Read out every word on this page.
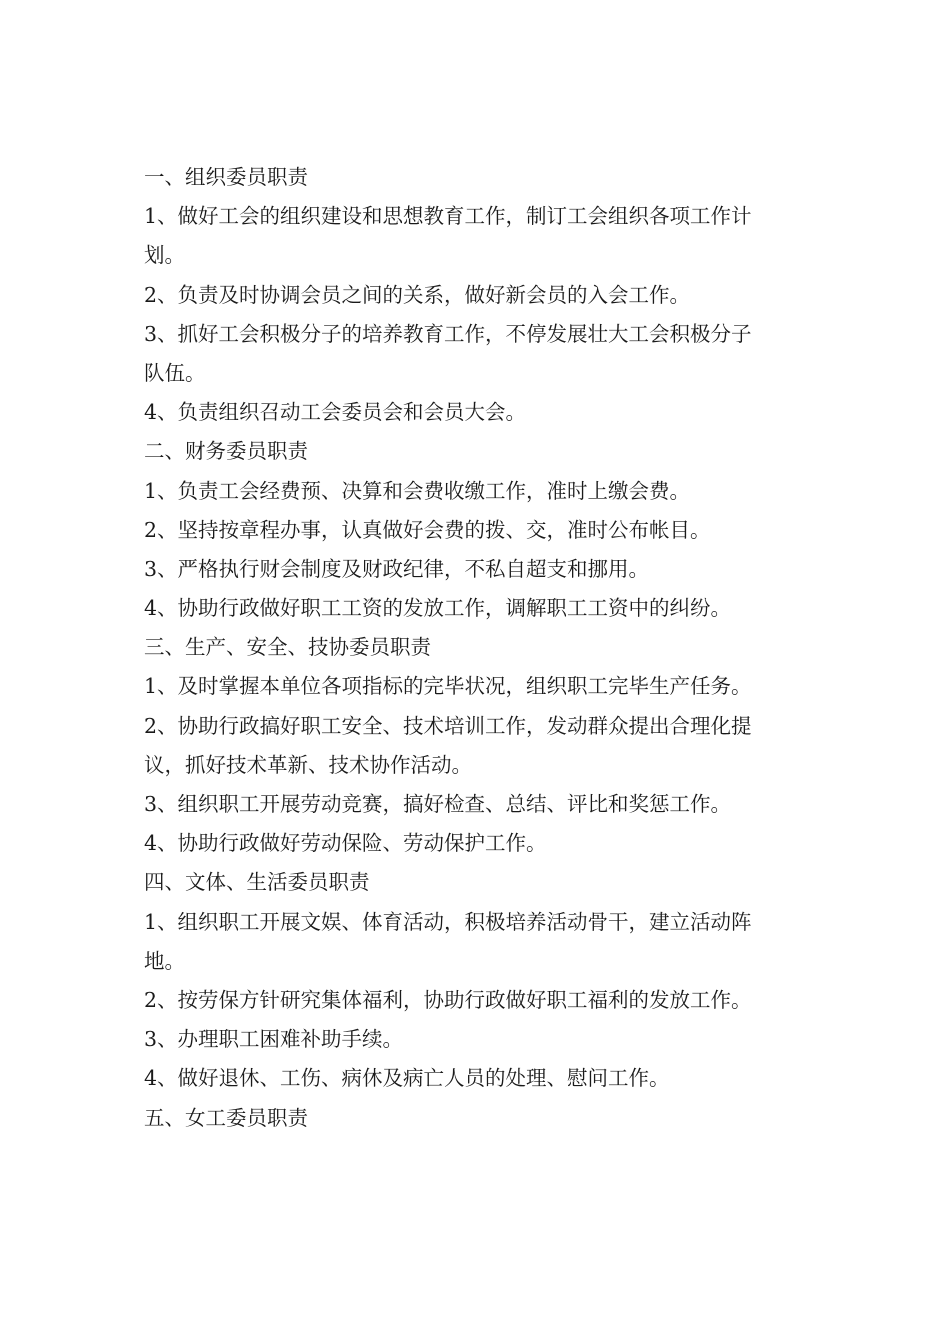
一、组织委员职责
1、做好工会的组织建设和思想教育工作，制订工会组织各项工作计
划。
2、负责及时协调会员之间的关系，做好新会员的入会工作。
3、抓好工会积极分子的培养教育工作，不停发展壮大工会积极分子
队伍。
4、负责组织召动工会委员会和会员大会。
二、财务委员职责
1、负责工会经费预、决算和会费收缴工作，准时上缴会费。
2、坚持按章程办事，认真做好会费的拨、交，准时公布帐目。
3、严格执行财会制度及财政纪律，不私自超支和挪用。
4、协助行政做好职工工资的发放工作，调解职工工资中的纠纷。
三、生产、安全、技协委员职责
1、及时掌握本单位各项指标的完毕状况，组织职工完毕生产任务。
2、协助行政搞好职工安全、技术培训工作，发动群众提出合理化提
议，抓好技术革新、技术协作活动。
3、组织职工开展劳动竞赛，搞好检查、总结、评比和奖惩工作。
4、协助行政做好劳动保险、劳动保护工作。
四、文体、生活委员职责
1、组织职工开展文娱、体育活动，积极培养活动骨干，建立活动阵
地。
2、按劳保方针研究集体福利，协助行政做好职工福利的发放工作。
3、办理职工困难补助手续。
4、做好退休、工伤、病休及病亡人员的处理、慰问工作。
五、女工委员职责
